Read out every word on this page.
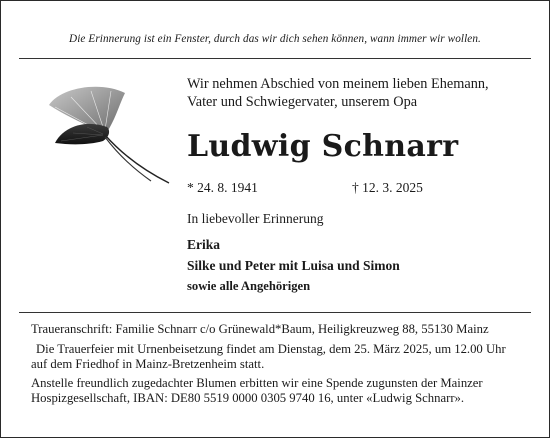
Die Erinnerung ist ein Fenster, durch das wir dich sehen können, wann immer wir wollen.
Wir nehmen Abschied von meinem lieben Ehemann,
Vater und Schwiegervater, unserem Opa
Ludwig Schnarr
* 24. 8. 1941	† 12. 3. 2025
In liebevoller Erinnerung
Erika
Silke und Peter mit Luisa und Simon
sowie alle Angehörigen
Traueranschrift: Familie Schnarr c/o Grünewald*Baum, Heiligkreuzweg 88, 55130 Mainz
Die Trauerfeier mit Urnenbeisetzung findet am Dienstag, dem 25. März 2025, um 12.00 Uhr
auf dem Friedhof in Mainz-Bretzenheim statt.
Anstelle freundlich zugedachter Blumen erbitten wir eine Spende zugunsten der Mainzer
Hospizgesellschaft, IBAN: DE80 5519 0000 0305 9740 16, unter «Ludwig Schnarr».
